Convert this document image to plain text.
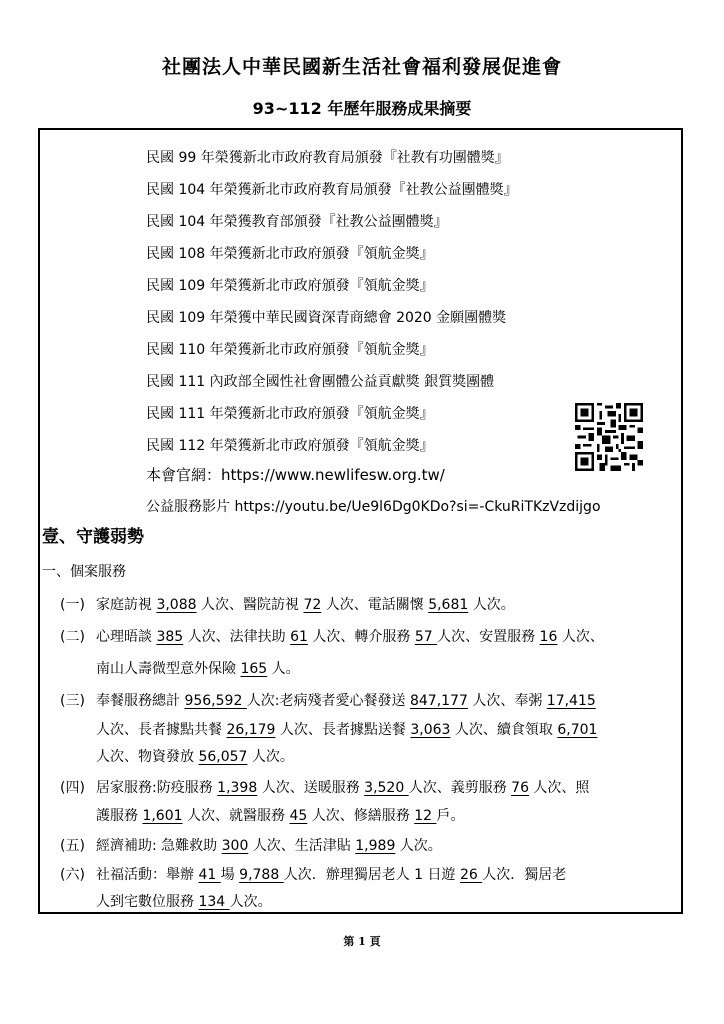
社團法人中華民國新生活社會福利發展促進會
93~112 年歷年服務成果摘要
民國 99 年榮獲新北市政府教育局頒發『社教有功團體獎』
民國 104 年榮獲新北市政府教育局頒發『社教公益團體獎』
民國 104 年榮獲教育部頒發『社教公益團體獎』
民國 108 年榮獲新北市政府頒發『領航金獎』
民國 109 年榮獲新北市政府頒發『領航金獎』
民國 109 年榮獲中華民國資深青商總會 2020 金願團體獎
民國 110 年榮獲新北市政府頒發『領航金獎』
民國 111 內政部全國性社會團體公益貢獻獎 銀質獎團體
民國 111 年榮獲新北市政府頒發『領航金獎』
民國 112 年榮獲新北市政府頒發『領航金獎』
本會官網：https://www.newlifesw.org.tw/
公益服務影片 https://youtu.be/Ue9l6Dg0KDo?si=-CkuRiTKzVzdijgo
壹、守護弱勢
一、個案服務
(一) 家庭訪視 3,088 人次、醫院訪視 72 人次、電話關懷 5,681 人次。
(二) 心理晤談 385 人次、法律扶助 61 人次、轉介服務 57 人次、安置服務 16 人次、
南山人壽微型意外保險 165 人。
(三) 奉餐服務總計 956,592 人次:老病殘者愛心餐發送 847,177 人次、奉粥 17,415
人次、長者據點共餐 26,179 人次、長者據點送餐 3,063 人次、續食領取 6,701
人次、物資發放 56,057 人次。
(四) 居家服務:防疫服務 1,398 人次、送暖服務 3,520 人次、義剪服務 76 人次、照
護服務 1,601 人次、就醫服務 45 人次、修繕服務 12 戶。
(五) 經濟補助: 急難救助 300 人次、生活津貼 1,989 人次。
(六) 社福活動：舉辦 41 場 9,788 人次．辦理獨居老人 1 日遊 26 人次．獨居老
人到宅數位服務 134 人次。
第 1 頁
